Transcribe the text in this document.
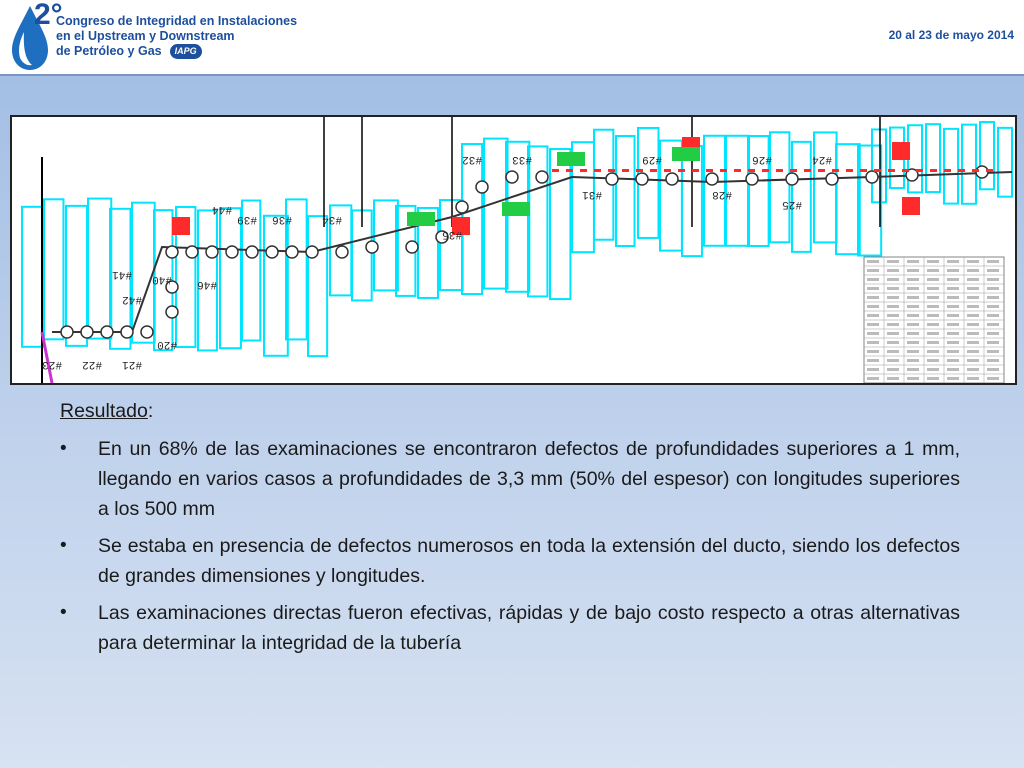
2°
Congreso de Integridad en Instalaciones
en el Upstream y Downstream
de Petróleo y Gas IAPG
20 al 23 de mayo 2014
#35
#32
#31
#29
#28
#26
#25
#24
#23 #22 #21
#20
#40
#41
#42
#46
#44
#39 #36	#34
#33
Resultado:
• En un 68% de las examinaciones se encontraron defectos de profundidades superiores a 1 mm, llegando en varios casos a profundidades de 3,3 mm (50% del espesor) con longitudes superiores a los 500 mm
• Se estaba en presencia de defectos numerosos en toda la extensión del ducto, siendo los defectos de grandes dimensiones y longitudes.
• Las examinaciones directas fueron efectivas, rápidas y de bajo costo respecto a otras alternativas para determinar la integridad de la tubería
